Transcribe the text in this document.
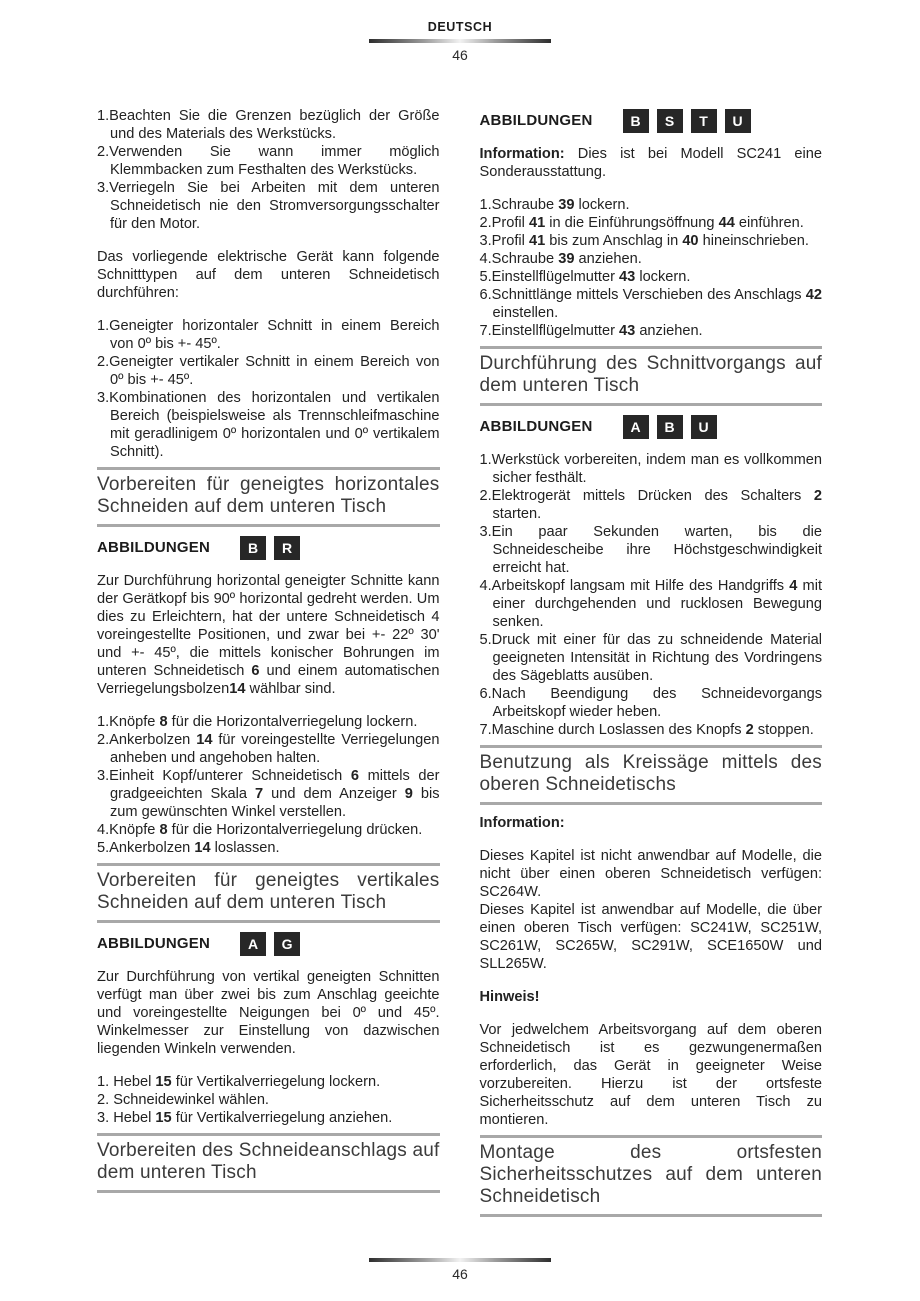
DEUTSCH
46
1.Beachten Sie die Grenzen bezüglich der Größe und des Materials des Werkstücks.
2.Verwenden Sie wann immer möglich Klemmbacken zum Festhalten des Werkstücks.
3.Verriegeln Sie bei Arbeiten mit dem unteren Schneidetisch nie den Stromversorgungsschalter für den Motor.

Das vorliegende elektrische Gerät kann folgende Schnitttypen auf dem unteren Schneidetisch durchführen:

1.Geneigter horizontaler Schnitt in einem Bereich von 0º bis +- 45º.
2.Geneigter vertikaler Schnitt in einem Bereich von 0º bis +- 45º.
3.Kombinationen des horizontalen und vertikalen Bereich (beispielsweise als Trennschleifmaschine mit geradlinigem 0º horizontalen und 0º vertikalem Schnitt).
Vorbereiten für geneigtes horizontales Schneiden auf dem unteren Tisch
ABBILDUNGEN	B	R

Zur Durchführung horizontal geneigter Schnitte kann der Gerätkopf bis 90º horizontal gedreht werden. Um dies zu Erleichtern, hat der untere Schneidetisch 4 voreingestellte Positionen, und zwar bei +- 22º 30' und +- 45º, die mittels konischer Bohrungen im unteren Schneidetisch 6 und einem automatischen Verriegelungsbolzen14 wählbar sind.

1.Knöpfe 8 für die Horizontalverriegelung lockern.
2.Ankerbolzen 14 für voreingestellte Verriegelungen anheben und angehoben halten.
3.Einheit Kopf/unterer Schneidetisch 6 mittels der gradgeeichten Skala 7 und dem Anzeiger 9 bis zum gewünschten Winkel verstellen.
4.Knöpfe 8 für die Horizontalverriegelung drücken.
5.Ankerbolzen 14 loslassen.
Vorbereiten für geneigtes vertikales Schneiden auf dem unteren Tisch
ABBILDUNGEN	A	G

Zur Durchführung von vertikal geneigten Schnitten verfügt man über zwei bis zum Anschlag geeichte und voreingestellte Neigungen bei 0º und 45º. Winkelmesser zur Einstellung von dazwischen liegenden Winkeln verwenden.

1. Hebel 15 für Vertikalverriegelung lockern.
2. Schneidewinkel wählen.
3. Hebel 15 für Vertikalverriegelung anziehen.
Vorbereiten des Schneideanschlags auf dem unteren Tisch
ABBILDUNGEN	B	S	T	U

Information: Dies ist bei Modell SC241 eine Sonderausstattung.

1.Schraube 39 lockern.
2.Profil 41 in die Einführungsöffnung 44 einführen.
3.Profil 41 bis zum Anschlag in 40 hineinschrieben.
4.Schraube 39 anziehen.
5.Einstellflügelmutter 43 lockern.
6.Schnittlänge mittels Verschieben des Anschlags 42 einstellen.
7.Einstellflügelmutter 43 anziehen.
Durchführung des Schnittvorgangs auf dem unteren Tisch
ABBILDUNGEN	A	B	U
1.Werkstück vorbereiten, indem man es vollkommen sicher festhält.
2.Elektrogerät mittels Drücken des Schalters 2 starten.
3.Ein paar Sekunden warten, bis die Schneidescheibe ihre Höchstgeschwindigkeit erreicht hat.
4.Arbeitskopf langsam mit Hilfe des Handgriffs 4 mit einer durchgehenden und rucklosen Bewegung senken.
5.Druck mit einer für das zu schneidende Material geeigneten Intensität in Richtung des Vordringens des Sägeblatts ausüben.
6.Nach Beendigung des Schneidevorgangs Arbeitskopf wieder heben.
7.Maschine durch Loslassen des Knopfs 2 stoppen.
Benutzung als Kreissäge mittels des oberen Schneidetischs

Information:

Dieses Kapitel ist nicht anwendbar auf Modelle, die nicht über einen oberen Schneidetisch verfügen: SC264W.

Dieses Kapitel ist anwendbar auf Modelle, die über einen oberen Tisch verfügen: SC241W, SC251W, SC261W, SC265W, SC291W, SCE1650W und SLL265W.

Hinweis!

Vor jedwelchem Arbeitsvorgang auf dem oberen Schneidetisch ist es gezwungenermaßen erforderlich, das Gerät in geeigneter Weise vorzubereiten. Hierzu ist der ortsfeste Sicherheitsschutz auf dem unteren Tisch zu montieren.

Montage des ortsfesten Sicherheitsschutzes auf dem unteren Schneidetisch
46
